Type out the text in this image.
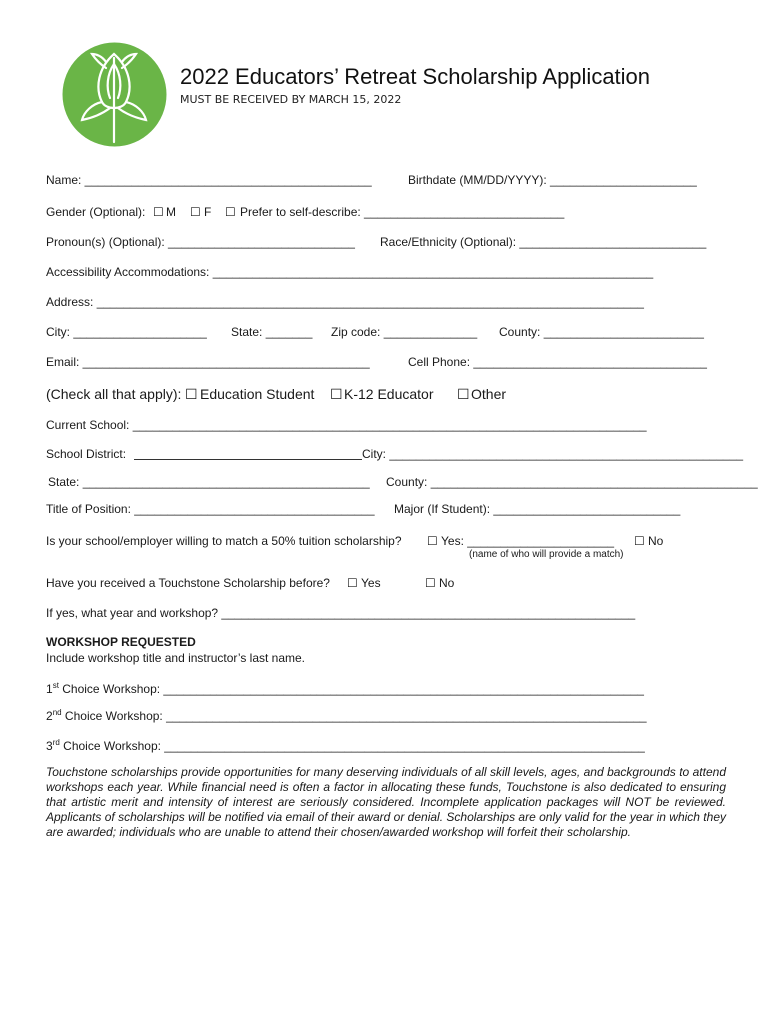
2022 Educators’ Retreat Scholarship Application
MUST BE RECEIVED BY MARCH 15, 2022
Name: ___________________________________________	Birthdate (MM/DD/YYYY): ______________________
Gender (Optional): ☐ M ☐ F ☐ Prefer to self-describe: ______________________________
Pronoun(s) (Optional): ____________________________ Race/Ethnicity (Optional): ____________________________
Accessibility Accommodations: __________________________________________________________________
Address: __________________________________________________________________________________
City: ____________________ State: _______ Zip code: ______________ County: ________________________
Email: ___________________________________________	Cell Phone: ___________________________________
(Check all that apply): ☐ Education Student ☐ K-12 Educator ☐ Other
Current School: _____________________________________________________________________________
School District:	City: _____________________________________________________
State: ___________________________________________ County: _________________________________________________
Title of Position: ____________________________________ Major (If Student): ____________________________
Is your school/employer willing to match a 50% tuition scholarship? ☐ Yes: ______________________ ☐ No
(name of who will provide a match)
Have you received a Touchstone Scholarship before? ☐ Yes	☐ No
If yes, what year and workshop? ______________________________________________________________
WORKSHOP REQUESTED
Include workshop title and instructor’s last name.
1st Choice Workshop: ________________________________________________________________________
2nd Choice Workshop: ________________________________________________________________________
3rd Choice Workshop: ________________________________________________________________________
Touchstone scholarships provide opportunities for many deserving individuals of all skill levels, ages, and backgrounds to attend workshops each year. While financial need is often a factor in allocating these funds, Touchstone is also dedicated to ensuring that artistic merit and intensity of interest are seriously considered. Incomplete application packages will NOT be reviewed. Applicants of scholarships will be notified via email of their award or denial. Scholarships are only valid for the year in which they are awarded; individuals who are unable to attend their chosen/awarded workshop will forfeit their scholarship.
